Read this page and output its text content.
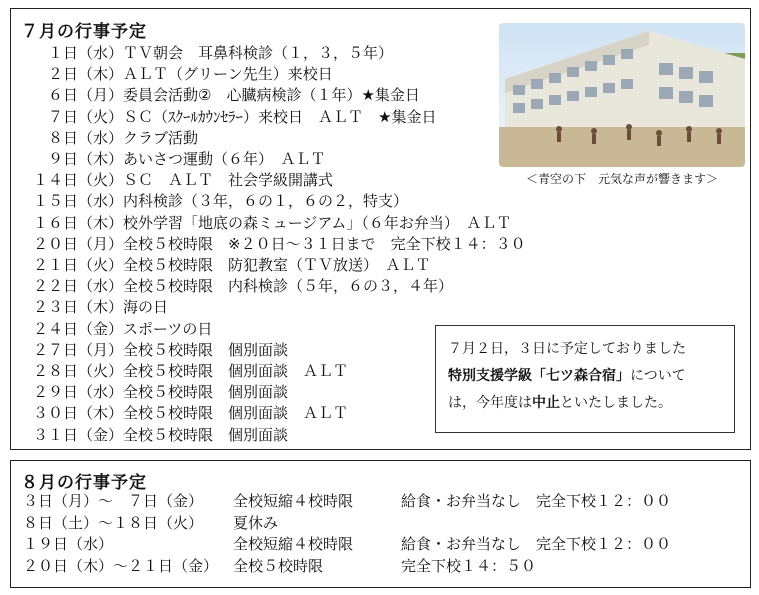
７月の行事予定
１日（水）ＴＶ朝会　耳鼻科検診（１，３，５年）
２日（木）ＡＬＴ（グリーン先生）来校日
６日（月）委員会活動②　心臓病検診（１年）★集金日
７日（火）ＳＣ（ｽｸｰﾙｶｳﾝｾﾗｰ）来校日　ＡＬＴ　★集金日
８日（水）クラブ活動
９日（木）あいさつ運動（６年）　ＡＬＴ
１４日（火）ＳＣ　ＡＬＴ　社会学級開講式
１５日（水）内科検診（３年，６の１，６の２，特支）
１６日（木）校外学習「地底の森ミュージアム」（６年お弁当）　ＡＬＴ
２０日（月）全校５校時限　※２０日～３１日まで　完全下校１４：３０
２１日（火）全校５校時限　防犯教室（ＴＶ放送）　ＡＬＴ
２２日（水）全校５校時限　内科検診（５年，６の３，４年）
２３日（木）海の日
２４日（金）スポーツの日
２７日（月）全校５校時限　個別面談
２８日（火）全校５校時限　個別面談　ＡＬＴ
２９日（水）全校５校時限　個別面談
３０日（木）全校５校時限　個別面談　ＡＬＴ
３１日（金）全校５校時限　個別面談
＜青空の下　元気な声が響きます＞
７月２日，３日に予定しておりました
特別支援学級「七ツ森合宿」について
は，今年度は中止といたしました。
８月の行事予定
３日（月）～　７日（金） 全校短縮４校時限	給食・お弁当なし　完全下校１２：００
８日（土）～１８日（火） 夏休み
１９日（水）	全校短縮４校時限	給食・お弁当なし　完全下校１２：００
２０日（木）～２１日（金） 全校５校時限	完全下校１４：５０
